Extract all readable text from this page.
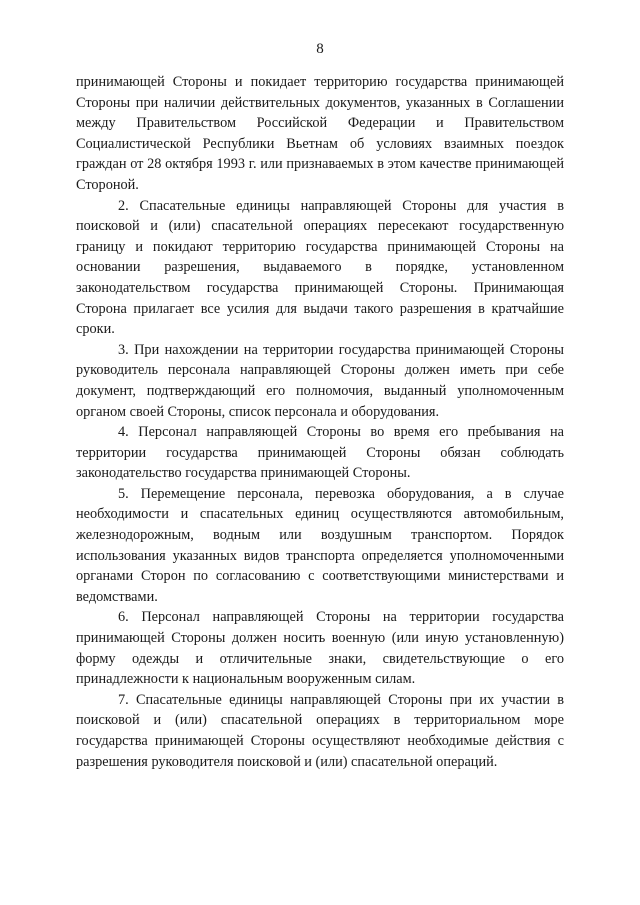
8

принимающей Стороны и покидает территорию государства принимающей Стороны при наличии действительных документов, указанных в Соглашении между Правительством Российской Федерации и Правительством Социалистической Республики Вьетнам об условиях взаимных поездок граждан от 28 октября 1993 г. или признаваемых в этом качестве принимающей Стороной.

2. Спасательные единицы направляющей Стороны для участия в поисковой и (или) спасательной операциях пересекают государственную границу и покидают территорию государства принимающей Стороны на основании разрешения, выдаваемого в порядке, установленном законодательством государства принимающей Стороны. Принимающая Сторона прилагает все усилия для выдачи такого разрешения в кратчайшие сроки.

3. При нахождении на территории государства принимающей Стороны руководитель персонала направляющей Стороны должен иметь при себе документ, подтверждающий его полномочия, выданный уполномоченным органом своей Стороны, список персонала и оборудования.

4. Персонал направляющей Стороны во время его пребывания на территории государства принимающей Стороны обязан соблюдать законодательство государства принимающей Стороны.

5. Перемещение персонала, перевозка оборудования, а в случае необходимости и спасательных единиц осуществляются автомобильным, железнодорожным, водным или воздушным транспортом. Порядок использования указанных видов транспорта определяется уполномоченными органами Сторон по согласованию с соответствующими министерствами и ведомствами.

6. Персонал направляющей Стороны на территории государства принимающей Стороны должен носить военную (или иную установленную) форму одежды и отличительные знаки, свидетельствующие о его принадлежности к национальным вооруженным силам.

7. Спасательные единицы направляющей Стороны при их участии в поисковой и (или) спасательной операциях в территориальном море государства принимающей Стороны осуществляют необходимые действия с разрешения руководителя поисковой и (или) спасательной операций.
